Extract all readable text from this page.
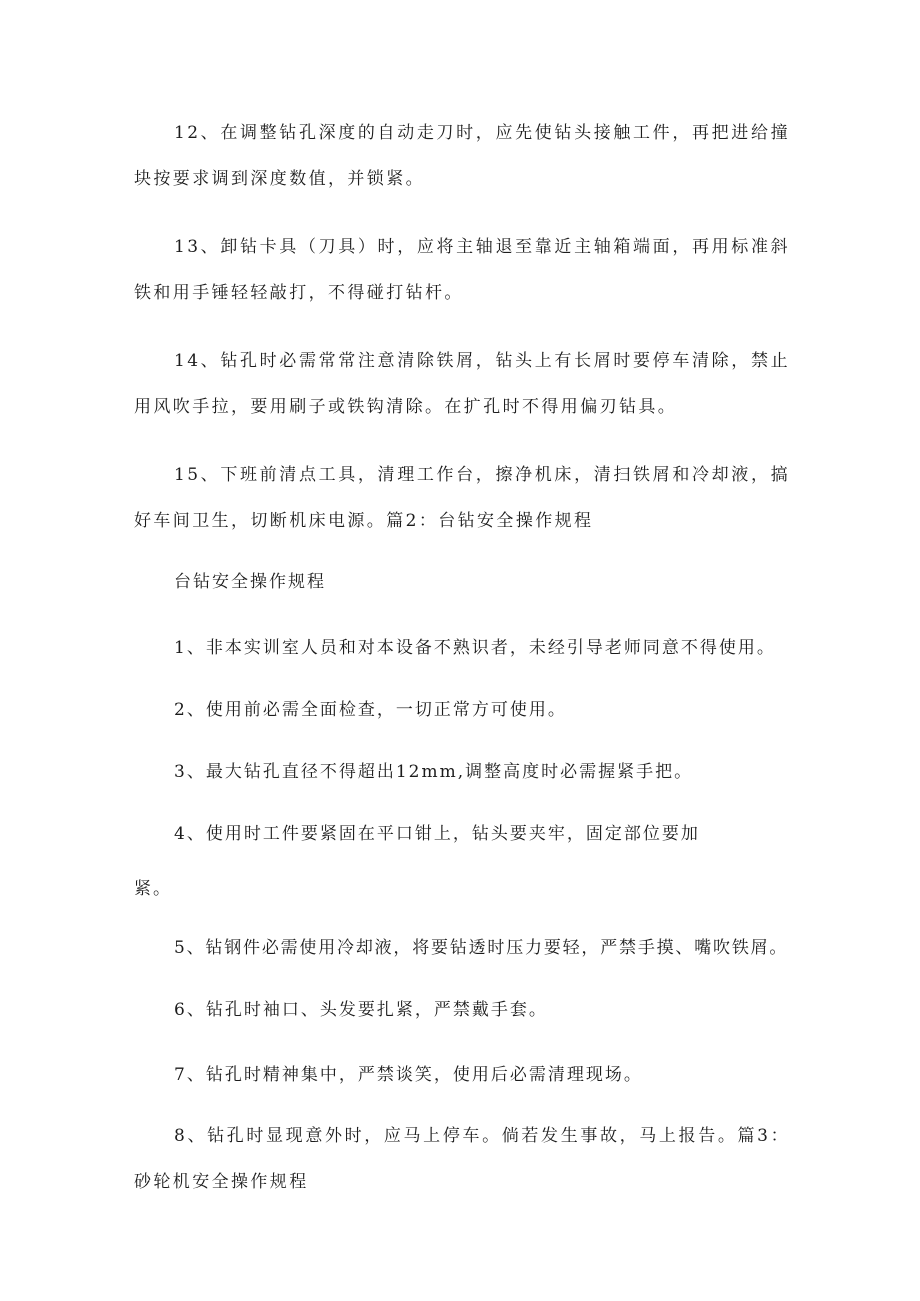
12、在调整钻孔深度的自动走刀时，应先使钻头接触工件，再把进给撞块按要求调到深度数值，并锁紧。

13、卸钻卡具（刀具）时，应将主轴退至靠近主轴箱端面，再用标准斜铁和用手锤轻轻敲打，不得碰打钻杆。

14、钻孔时必需常常注意清除铁屑，钻头上有长屑时要停车清除，禁止用风吹手拉，要用刷子或铁钩清除。在扩孔时不得用偏刃钻具。

15、下班前清点工具，清理工作台，擦净机床，清扫铁屑和冷却液，搞好车间卫生，切断机床电源。篇2：台钻安全操作规程

台钻安全操作规程

1、非本实训室人员和对本设备不熟识者，未经引导老师同意不得使用。

2、使用前必需全面检查，一切正常方可使用。

3、最大钻孔直径不得超出12mm,调整高度时必需握紧手把。

4、使用时工件要紧固在平口钳上，钻头要夹牢，固定部位要加

紧。

5、钻钢件必需使用冷却液，将要钻透时压力要轻，严禁手摸、嘴吹铁屑。

6、钻孔时袖口、头发要扎紧，严禁戴手套。

7、钻孔时精神集中，严禁谈笑，使用后必需清理现场。

8、钻孔时显现意外时，应马上停车。倘若发生事故，马上报告。篇3：砂轮机安全操作规程
